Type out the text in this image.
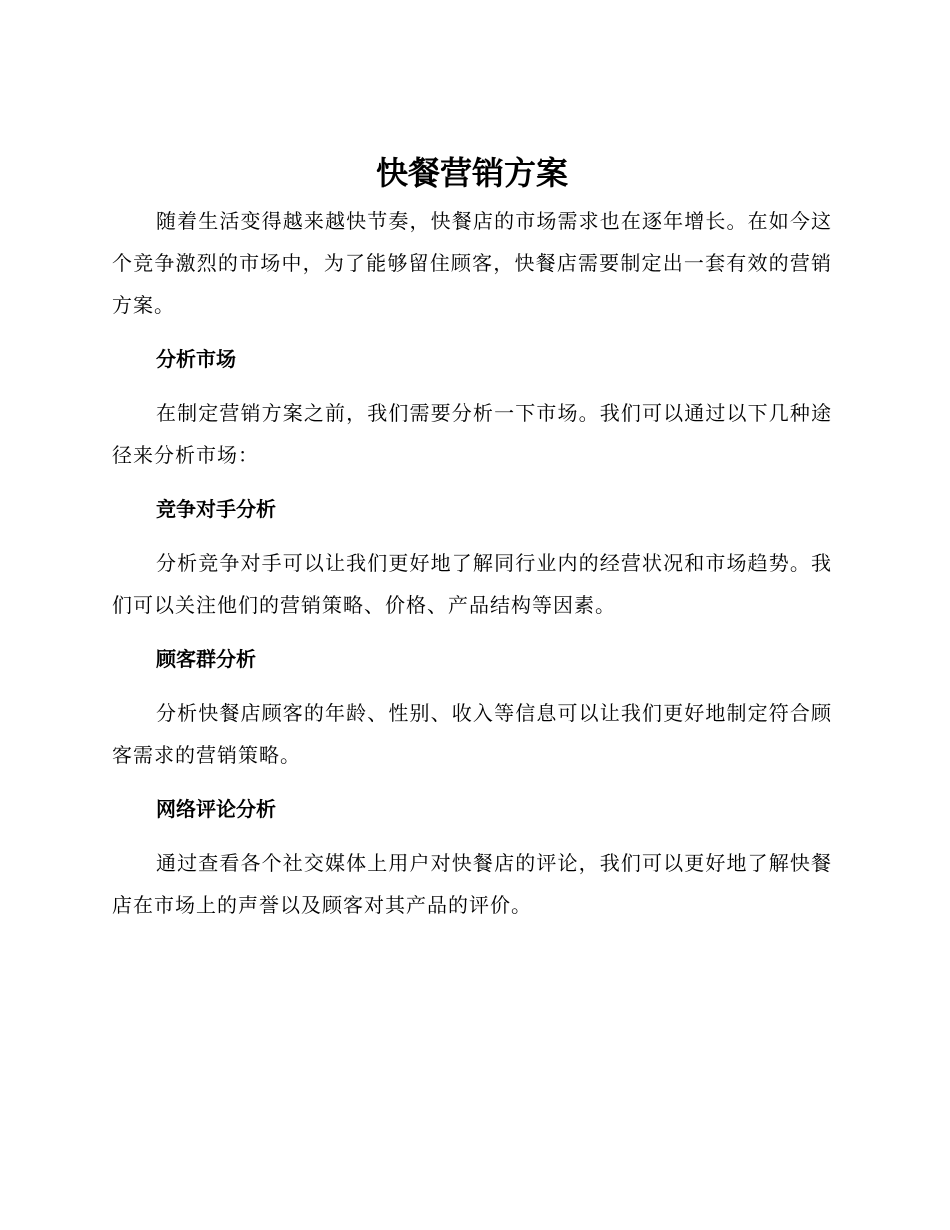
快餐营销方案

随着生活变得越来越快节奏，快餐店的市场需求也在逐年增长。在如今这个竞争激烈的市场中，为了能够留住顾客，快餐店需要制定出一套有效的营销方案。

分析市场

在制定营销方案之前，我们需要分析一下市场。我们可以通过以下几种途径来分析市场：

竞争对手分析

分析竞争对手可以让我们更好地了解同行业内的经营状况和市场趋势。我们可以关注他们的营销策略、价格、产品结构等因素。

顾客群分析

分析快餐店顾客的年龄、性别、收入等信息可以让我们更好地制定符合顾客需求的营销策略。

网络评论分析

通过查看各个社交媒体上用户对快餐店的评论，我们可以更好地了解快餐店在市场上的声誉以及顾客对其产品的评价。
